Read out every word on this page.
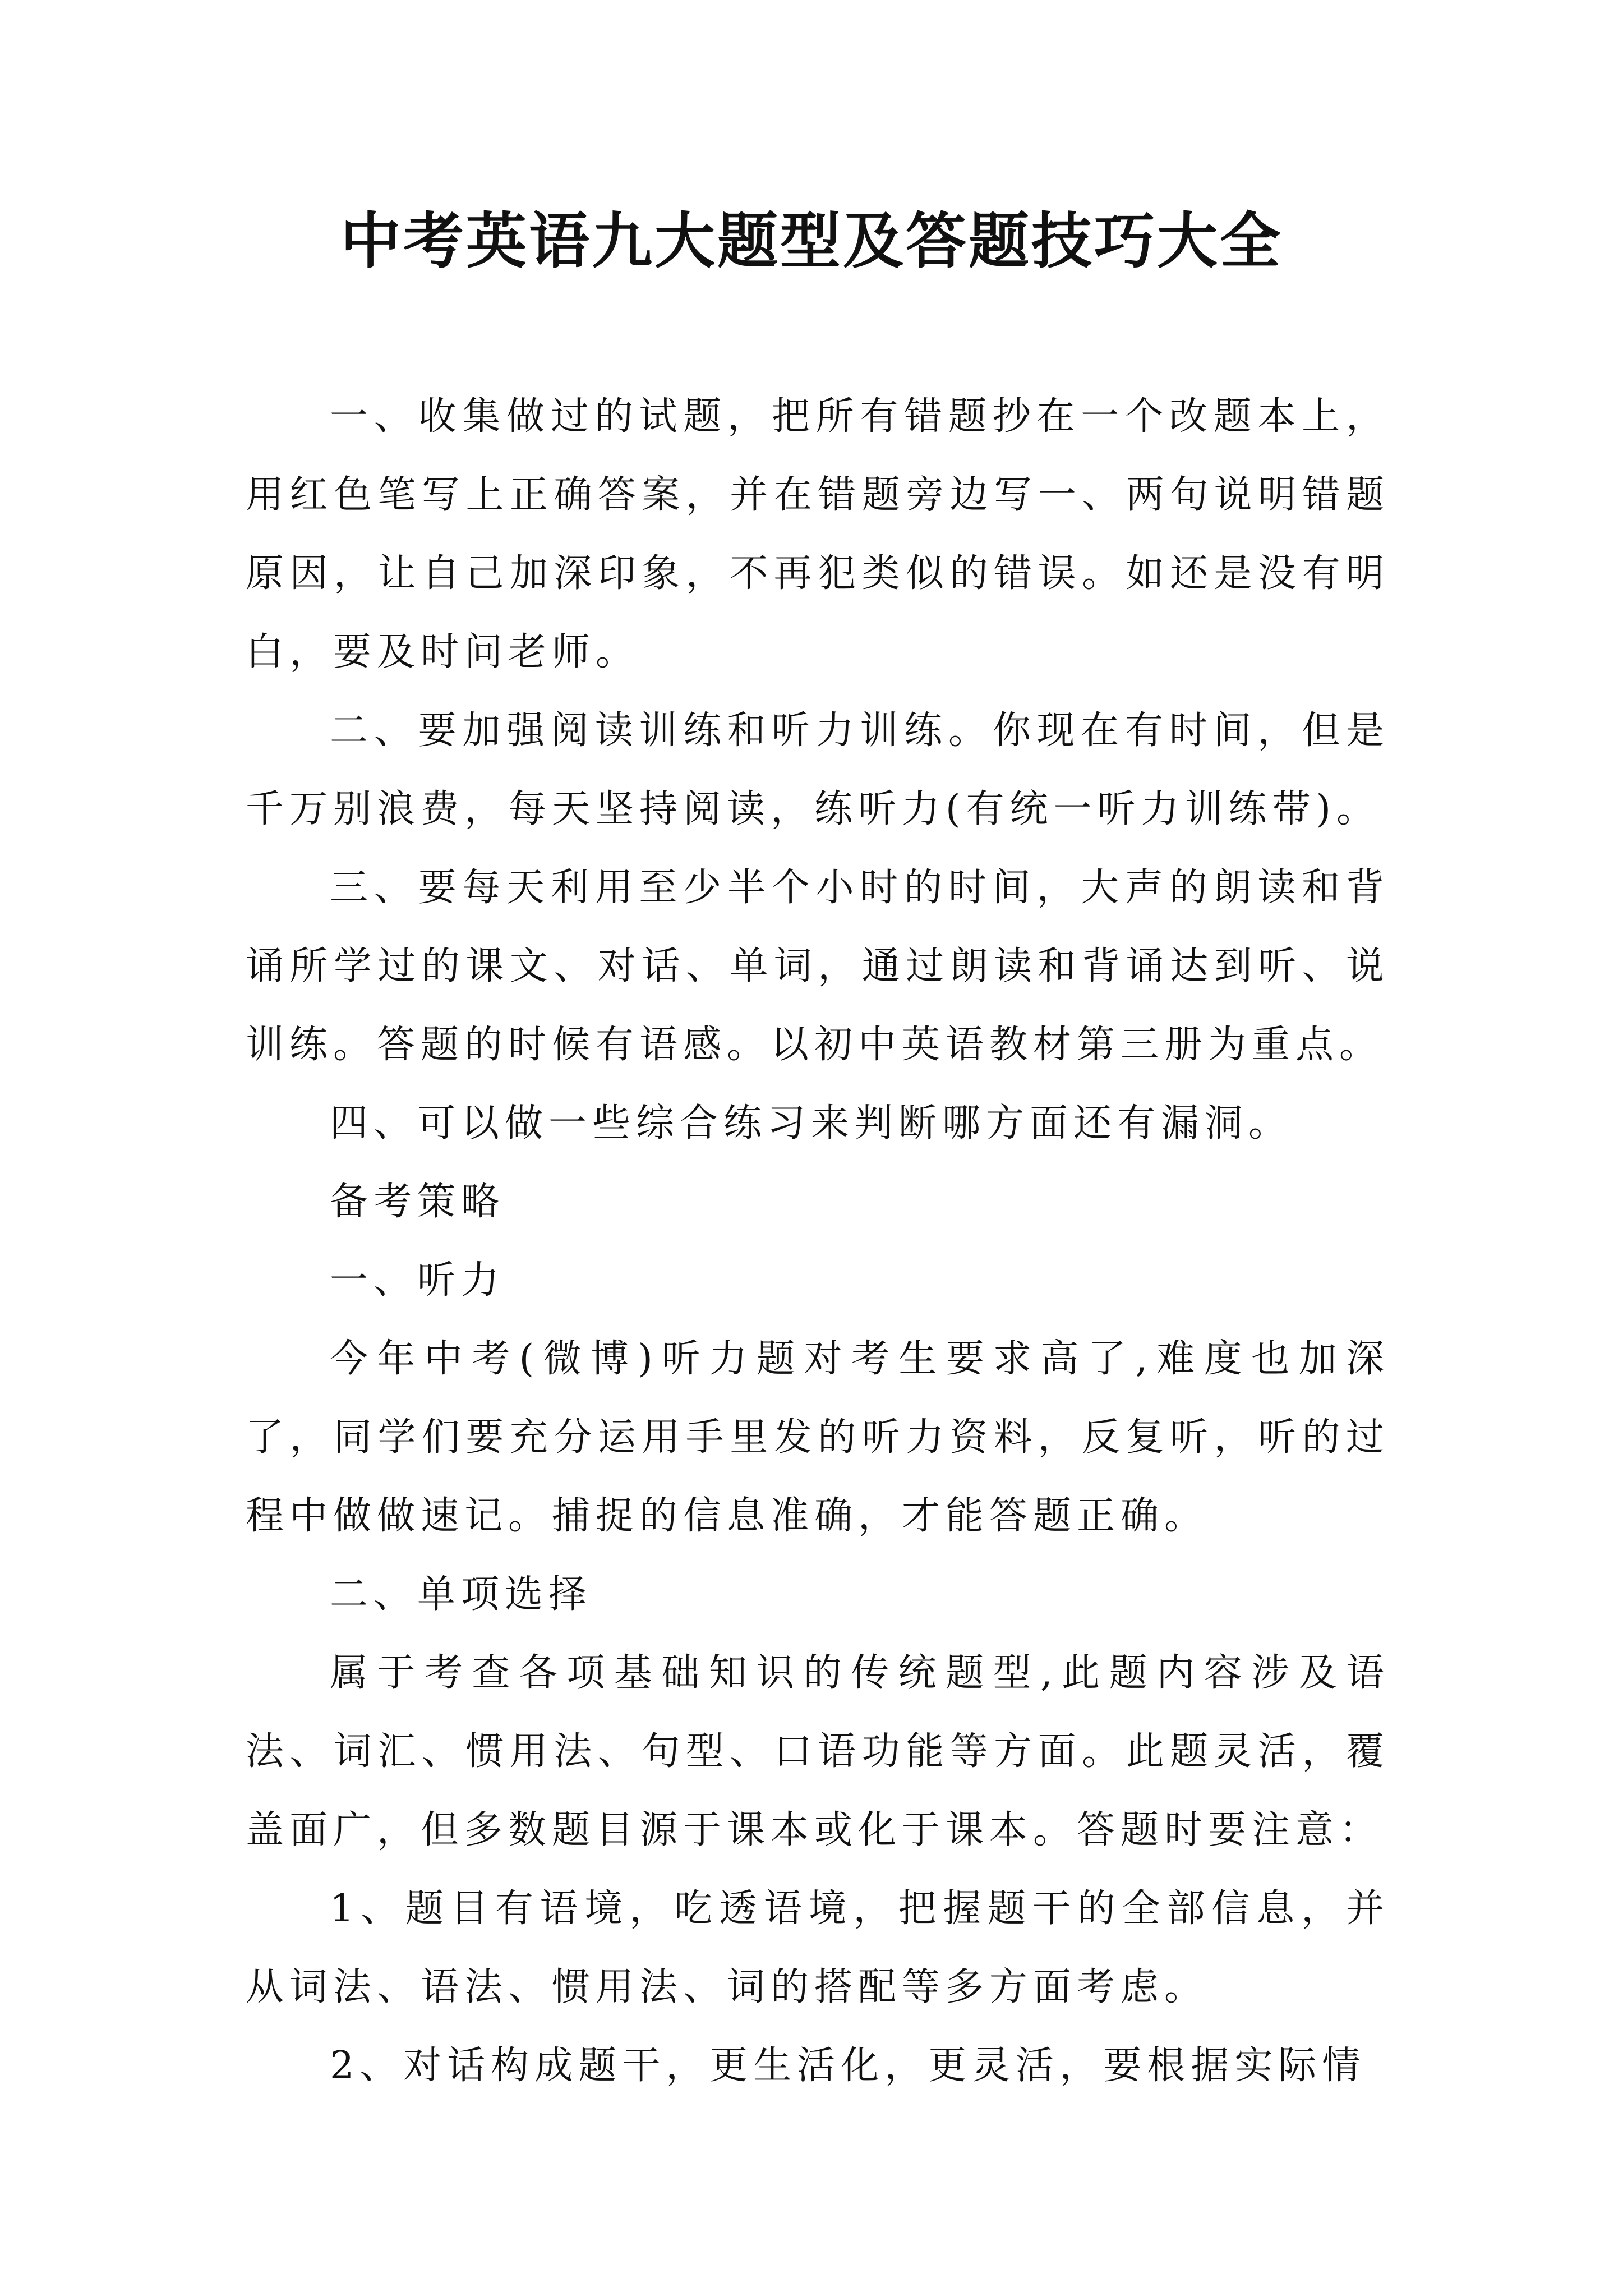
中考英语九大题型及答题技巧大全

一、收集做过的试题，把所有错题抄在一个改题本上，用红色笔写上正确答案，并在错题旁边写一、两句说明错题原因，让自己加深印象，不再犯类似的错误。如还是没有明白，要及时问老师。

二、要加强阅读训练和听力训练。你现在有时间，但是千万别浪费，每天坚持阅读，练听力(有统一听力训练带)。

三、要每天利用至少半个小时的时间，大声的朗读和背诵所学过的课文、对话、单词，通过朗读和背诵达到听、说训练。答题的时候有语感。以初中英语教材第三册为重点。

四、可以做一些综合练习来判断哪方面还有漏洞。

备考策略

一、听力

今年中考(微博)听力题对考生要求高了,难度也加深了，同学们要充分运用手里发的听力资料，反复听，听的过程中做做速记。捕捉的信息准确，才能答题正确。

二、单项选择

属于考查各项基础知识的传统题型,此题内容涉及语法、词汇、惯用法、句型、口语功能等方面。此题灵活，覆盖面广，但多数题目源于课本或化于课本。答题时要注意：

1、题目有语境，吃透语境，把握题干的全部信息，并从词法、语法、惯用法、词的搭配等多方面考虑。

2、对话构成题干，更生活化，更灵活，要根据实际情
